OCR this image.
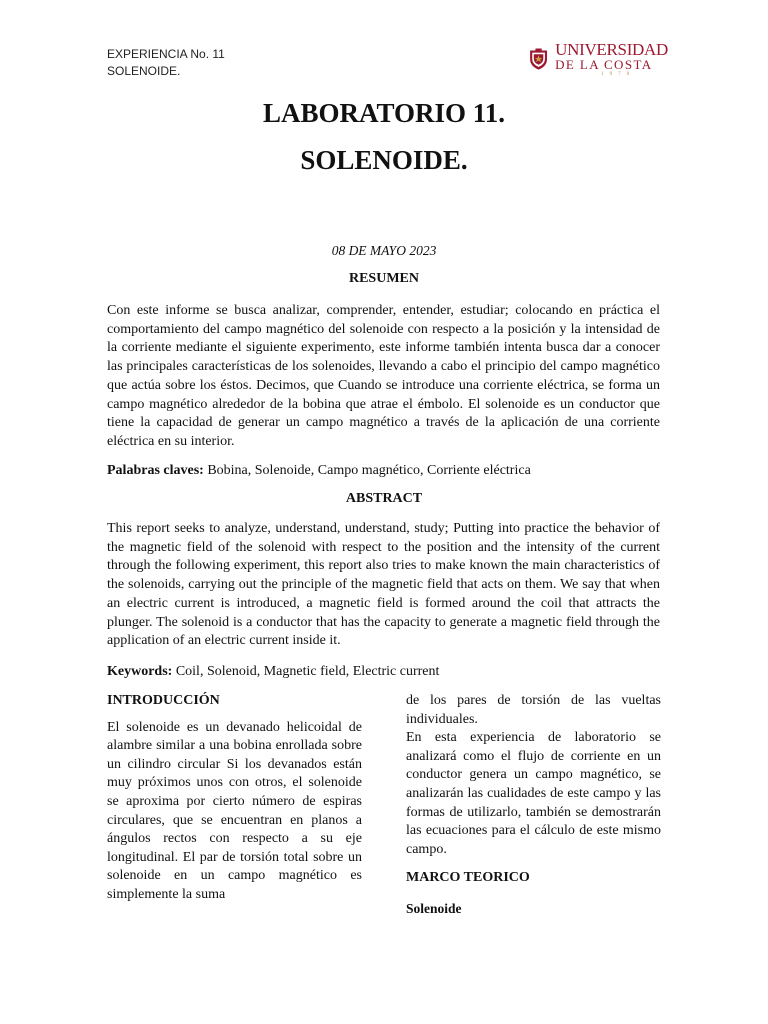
EXPERIENCIA No. 11
SOLENOIDE.
UNIVERSIDAD
DE LA COSTA
1970
LABORATORIO 11.
SOLENOIDE.
08 DE MAYO 2023
RESUMEN
Con este informe se busca analizar, comprender, entender, estudiar; colocando en práctica el comportamiento del campo magnético del solenoide con respecto a la posición y la intensidad de la corriente mediante el siguiente experimento, este informe también intenta busca dar a conocer las principales características de los solenoides, llevando a cabo el principio del campo magnético que actúa sobre los éstos. Decimos, que Cuando se introduce una corriente eléctrica, se forma un campo magnético alrededor de la bobina que atrae el émbolo. El solenoide es un conductor que tiene la capacidad de generar un campo magnético a través de la aplicación de una corriente eléctrica en su interior.
Palabras claves: Bobina, Solenoide, Campo magnético, Corriente eléctrica
ABSTRACT
This report seeks to analyze, understand, understand, study; Putting into practice the behavior of the magnetic field of the solenoid with respect to the position and the intensity of the current through the following experiment, this report also tries to make known the main characteristics of the solenoids, carrying out the principle of the magnetic field that acts on them. We say that when an electric current is introduced, a magnetic field is formed around the coil that attracts the plunger. The solenoid is a conductor that has the capacity to generate a magnetic field through the application of an electric current inside it.
Keywords: Coil, Solenoid, Magnetic field, Electric current
INTRODUCCIÓN

El solenoide es un devanado helicoidal de alambre similar a una bobina enrollada sobre un cilindro circular Si los devanados están muy próximos unos con otros, el solenoide se aproxima por cierto número de espiras circulares, que se encuentran en planos a ángulos rectos con respecto a su eje longitudinal. El par de torsión total sobre un solenoide en un campo magnético es simplemente la suma

de los pares de torsión de las vueltas individuales.

En esta experiencia de laboratorio se analizará como el flujo de corriente en un conductor genera un campo magnético, se analizarán las cualidades de este campo y las formas de utilizarlo, también se demostrarán las ecuaciones para el cálculo de este mismo campo.

MARCO TEORICO
Solenoide
